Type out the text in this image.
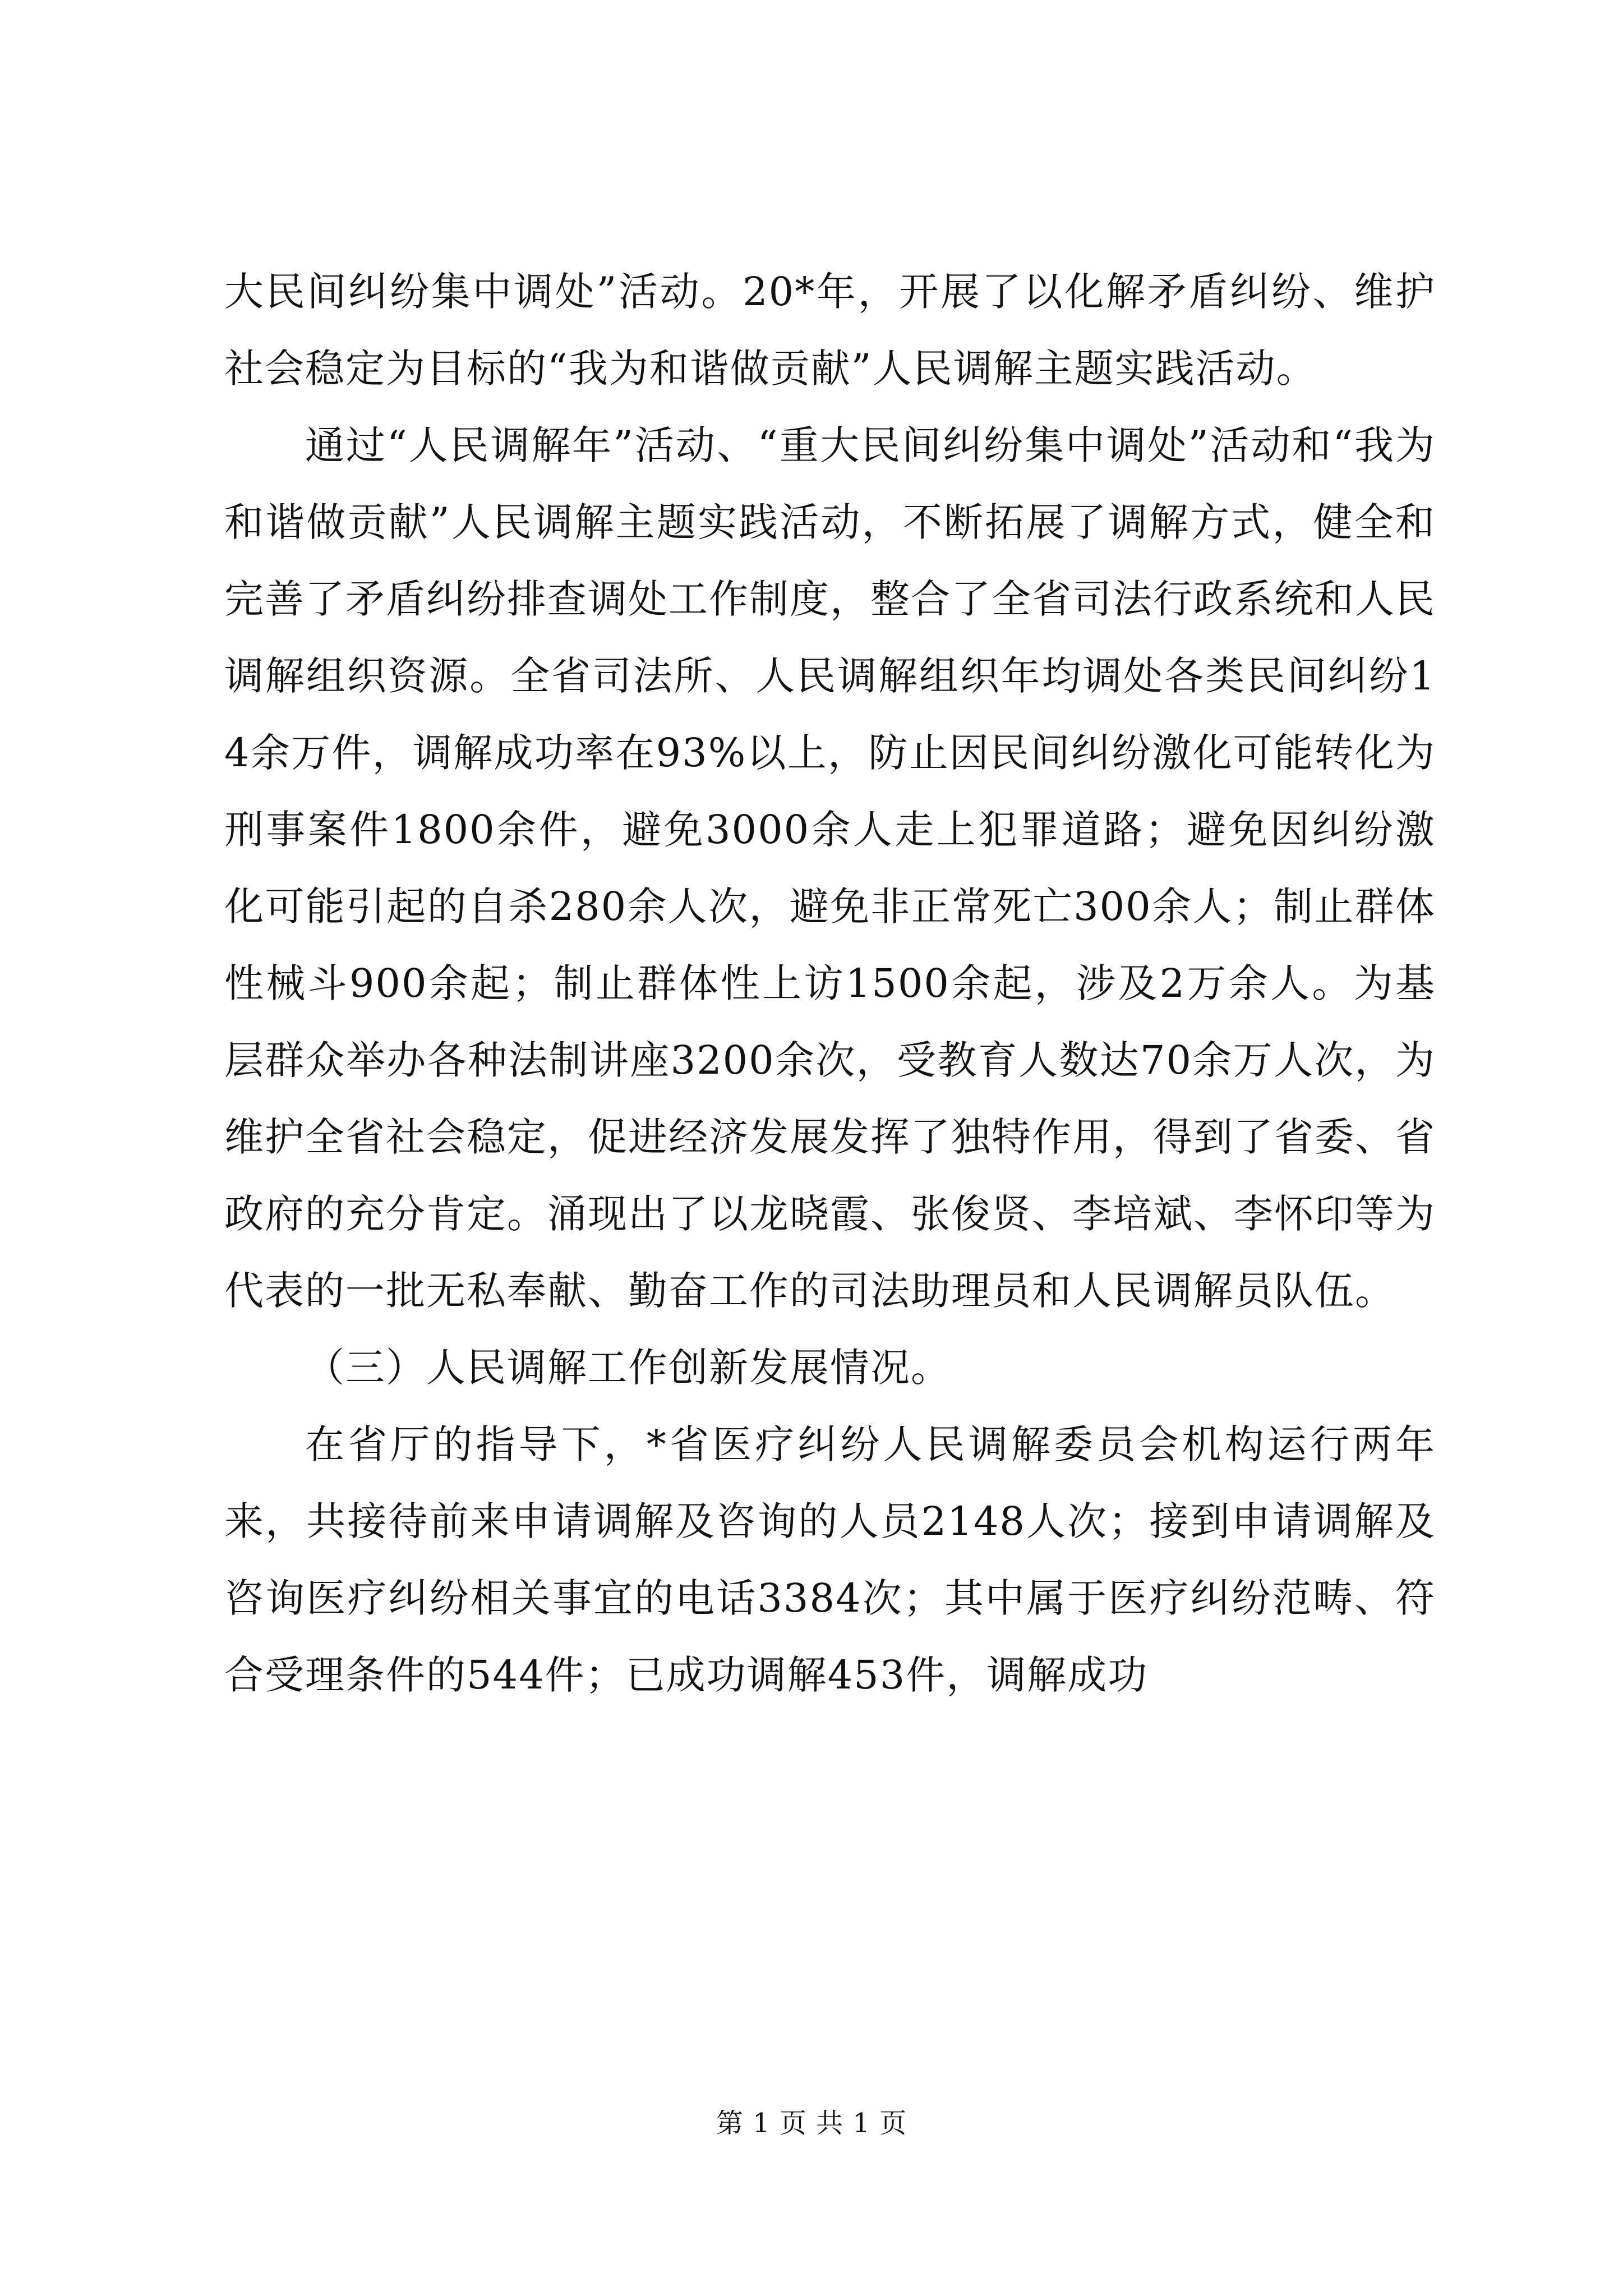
大民间纠纷集中调处”活动。20*年，开展了以化解矛盾纠纷、维护社会稳定为目标的“我为和谐做贡献”人民调解主题实践活动。

通过“人民调解年”活动、“重大民间纠纷集中调处”活动和“我为和谐做贡献”人民调解主题实践活动，不断拓展了调解方式，健全和完善了矛盾纠纷排查调处工作制度，整合了全省司法行政系统和人民调解组织资源。全省司法所、人民调解组织年均调处各类民间纠纷14余万件，调解成功率在93%以上，防止因民间纠纷激化可能转化为刑事案件1800余件，避免3000余人走上犯罪道路；避免因纠纷激化可能引起的自杀280余人次，避免非正常死亡300余人；制止群体性械斗900余起；制止群体性上访1500余起，涉及2万余人。为基层群众举办各种法制讲座3200余次，受教育人数达70余万人次，为维护全省社会稳定，促进经济发展发挥了独特作用，得到了省委、省政府的充分肯定。涌现出了以龙晓霞、张俊贤、李培斌、李怀印等为代表的一批无私奉献、勤奋工作的司法助理员和人民调解员队伍。

（三）人民调解工作创新发展情况。

在省厅的指导下，*省医疗纠纷人民调解委员会机构运行两年来，共接待前来申请调解及咨询的人员2148人次；接到申请调解及咨询医疗纠纷相关事宜的电话3384次；其中属于医疗纠纷范畴、符合受理条件的544件；已成功调解453件，调解成功

第 1 页 共 1 页
